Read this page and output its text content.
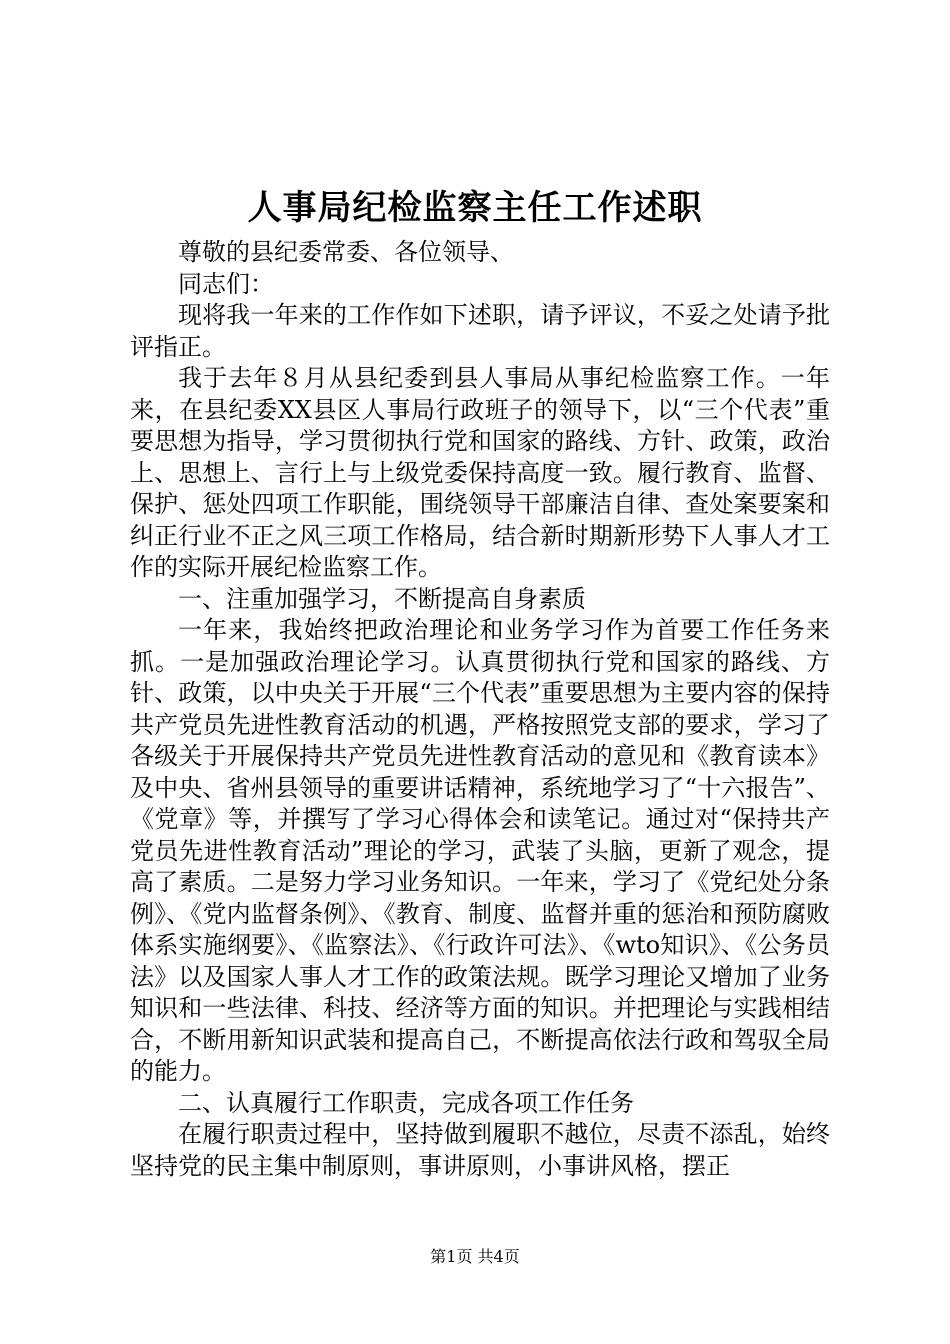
人事局纪检监察主任工作述职

尊敬的县纪委常委、各位领导、

同志们：

现将我一年来的工作作如下述职，请予评议，不妥之处请予批评指正。

我于去年８月从县纪委到县人事局从事纪检监察工作。一年来，在县纪委XX县区人事局行政班子的领导下，以“三个代表”重要思想为指导，学习贯彻执行党和国家的路线、方针、政策，政治上、思想上、言行上与上级党委保持高度一致。履行教育、监督、保护、惩处四项工作职能，围绕领导干部廉洁自律、查处案要案和纠正行业不正之风三项工作格局，结合新时期新形势下人事人才工作的实际开展纪检监察工作。

一、注重加强学习，不断提高自身素质

一年来，我始终把政治理论和业务学习作为首要工作任务来抓。一是加强政治理论学习。认真贯彻执行党和国家的路线、方针、政策，以中央关于开展“三个代表”重要思想为主要内容的保持共产党员先进性教育活动的机遇，严格按照党支部的要求，学习了各级关于开展保持共产党员先进性教育活动的意见和《教育读本》及中央、省州县领导的重要讲话精神，系统地学习了“十六报告”、《党章》等，并撰写了学习心得体会和读笔记。通过对“保持共产党员先进性教育活动”理论的学习，武装了头脑，更新了观念，提高了素质。二是努力学习业务知识。一年来，学习了《党纪处分条例》、《党内监督条例》、《教育、制度、监督并重的惩治和预防腐败体系实施纲要》、《监察法》、《行政许可法》、《wto知识》、《公务员法》以及国家人事人才工作的政策法规。既学习理论又增加了业务知识和一些法律、科技、经济等方面的知识。并把理论与实践相结合，不断用新知识武装和提高自己，不断提高依法行政和驾驭全局的能力。

二、认真履行工作职责，完成各项工作任务

在履行职责过程中，坚持做到履职不越位，尽责不添乱，始终坚持党的民主集中制原则，事讲原则，小事讲风格，摆正

第1页 共4页
